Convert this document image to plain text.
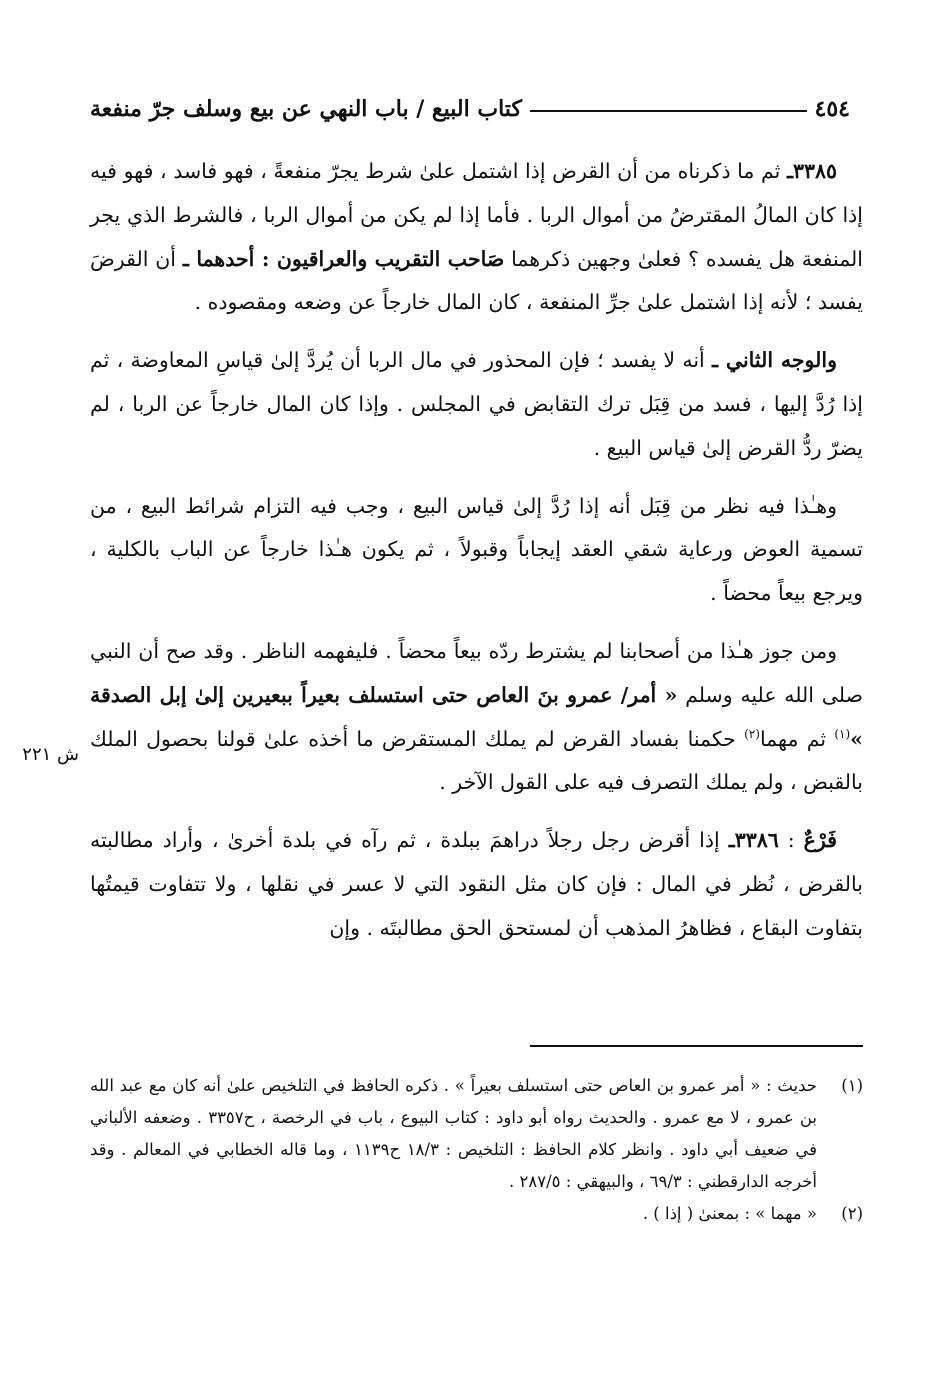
٤٥٤
كتاب البيع / باب النهي عن بيع وسلف جرّ منفعة

٣٣٨٥ـ ثم ما ذكرناه من أن القرض إذا اشتمل علىٰ شرط يجرّ منفعةً ، فهو فاسد ، فهو فيه إذا كان المالُ المقترضُ من أموال الربا . فأما إذا لم يكن من أموال الربا ، فالشرط الذي يجر المنفعة هل يفسده ؟ فعلىٰ وجهين ذكرهما صَاحب التقريب والعراقيون : أحدهما ـ أن القرضَ يفسد ؛ لأنه إذا اشتمل علىٰ جرِّ المنفعة ، كان المال خارجاً عن وضعه ومقصوده .

والوجه الثاني ـ أنه لا يفسد ؛ فإن المحذور في مال الربا أن يُردَّ إلىٰ قياسِ المعاوضة ، ثم إذا رُدَّ إليها ، فسد من قِبَل ترك التقابض في المجلس . وإذا كان المال خارجاً عن الربا ، لم يضرّ ردُّ القرض إلىٰ قياس البيع .

وهـٰذا فيه نظر من قِبَل أنه إذا رُدَّ إلىٰ قياس البيع ، وجب فيه التزام شرائط البيع ، من تسمية العوض ورعاية شقي العقد إيجاباً وقبولاً ، ثم يكون هـٰذا خارجاً عن الباب بالكلية ، ويرجع بيعاً محضاً .

ومن جوز هـٰذا من أصحابنا لم يشترط ردّه بيعاً محضاً . فليفهمه الناظر . وقد صح أن النبي صلى الله عليه وسلم « أمر/ عمرو بنَ العاص حتى استسلف بعيراً ببعيرين إلىٰ إبل الصدقة »$^{(١)}$ ثم مهما$^{(٢)}$ حكمنا بفساد القرض لم يملك المستقرض ما أخذه علىٰ قولنا بحصول الملك بالقبض ، ولم يملك التصرف فيه على القول الآخر .

فَرْعٌ : ٣٣٨٦ـ إذا أقرض رجل رجلاً دراهمَ ببلدة ، ثم رآه في بلدة أخرىٰ ، وأراد مطالبته بالقرض ، نُظر في المال : فإن كان مثل النقود التي لا عسر في نقلها ، ولا تتفاوت قيمتُها بتفاوت البقاع ، فظاهرُ المذهب أن لمستحق الحق مطالبتَه . وإن

ش ٢٢١
(١)
حديث : « أمر عمرو بن العاص حتى استسلف بعيراً » . ذكره الحافظ في التلخيص علىٰ أنه كان مع عبد الله بن عمرو ، لا مع عمرو . والحديث رواه أبو داود : كتاب البيوع ، باب في الرخصة ، ح٣٣٥٧ . وضعفه الألباني في ضعيف أبي داود . وانظر كلام الحافظ : التلخيص : ١٨/٣ ح١١٣٩ ، وما قاله الخطابي في المعالم . وقد أخرجه الدارقطني : ٦٩/٣ ، والبيهقي : ٢٨٧/٥ .
(٢)
« مهما » : بمعنىٰ ( إذا ) .
